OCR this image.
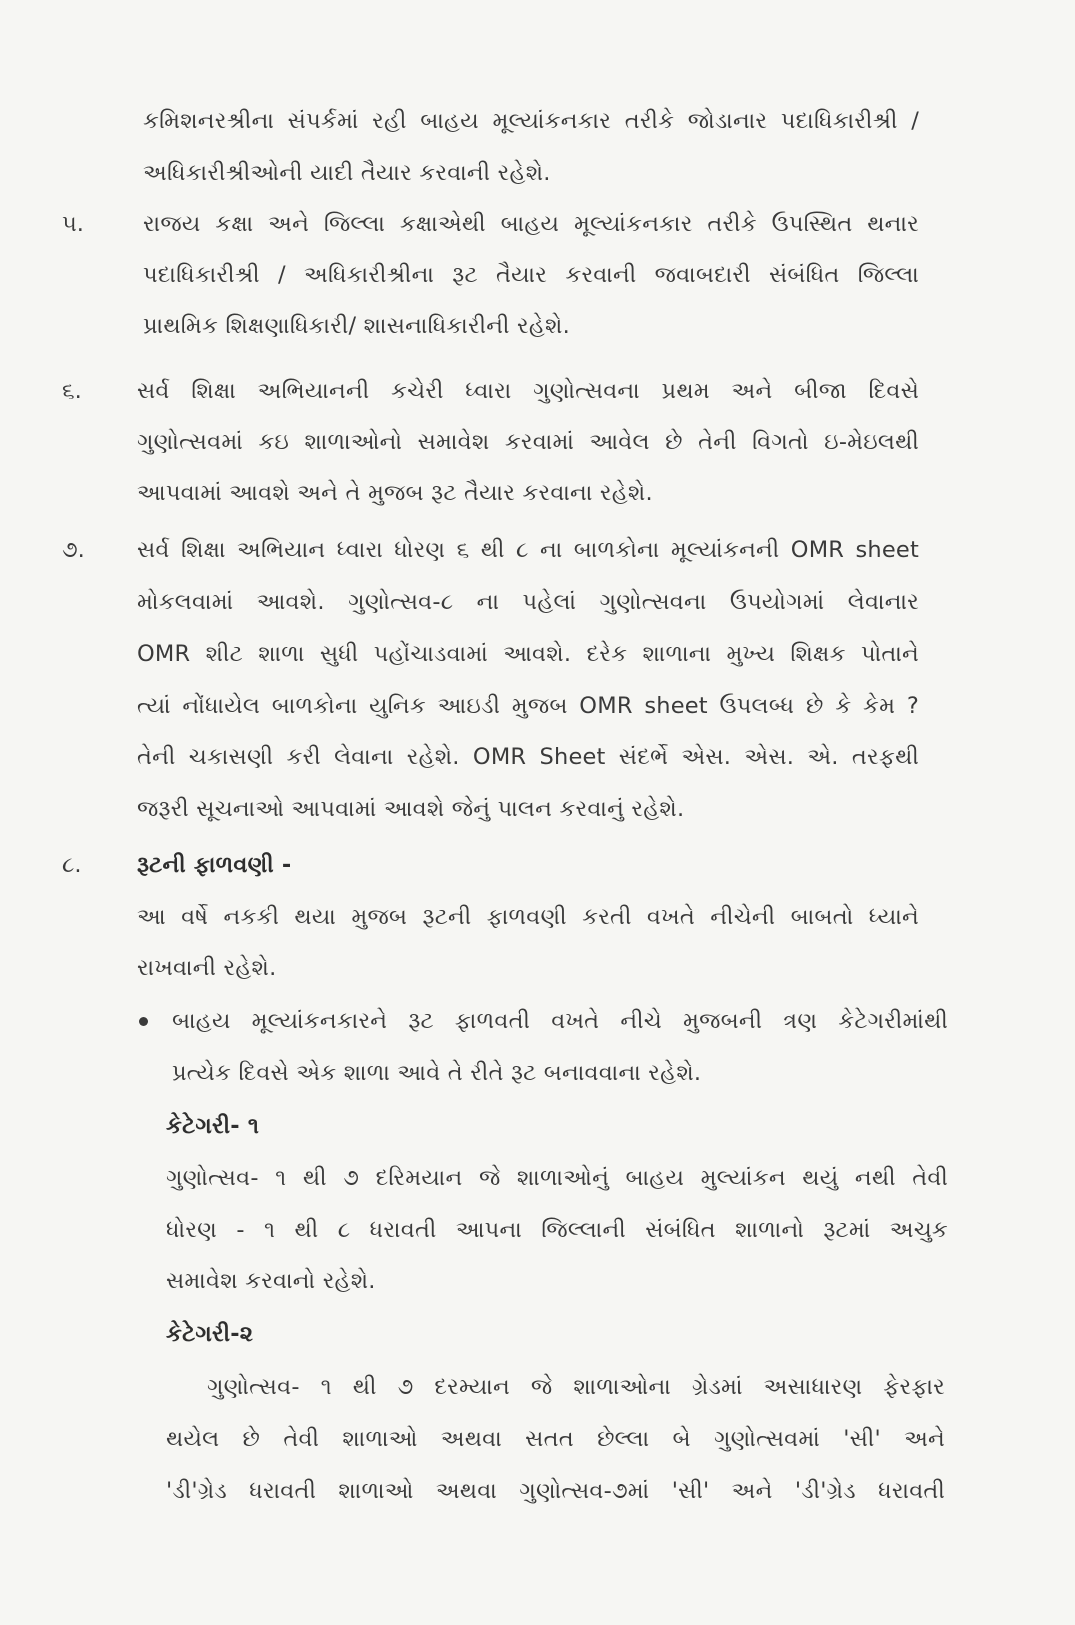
કમિશનરશ્રીના સંપર્કમાં રહી બાહય મૂલ્યાંકનકાર તરીકે જોડાનાર પદાધિકારીશ્રી /
અધિકારીશ્રીઓની યાદી તૈયાર કરવાની રહેશે.
૫.	રાજય કક્ષા અને જિલ્લા કક્ષાએથી બાહય મૂલ્યાંકનકાર તરીકે ઉપસ્થિત થનાર
પદાધિકારીશ્રી / અધિકારીશ્રીના રૂટ તૈયાર કરવાની જવાબદારી સંબંધિત જિલ્લા
પ્રાથમિક શિક્ષણાધિકારી/ શાસનાધિકારીની રહેશે.
૬. સર્વ શિક્ષા અભિયાનની કચેરી ધ્વારા ગુણોત્સવના પ્રથમ અને બીજા દિવસે
ગુણોત્સવમાં કઇ શાળાઓનો સમાવેશ કરવામાં આવેલ છે તેની વિગતો ઇ-મેઇલથી
આપવામાં આવશે અને તે મુજબ રૂટ તૈયાર કરવાના રહેશે.
૭. સર્વ શિક્ષા અભિયાન ધ્વારા ધોરણ ૬ થી ૮ ના બાળકોના મૂલ્યાંકનની OMR sheet
મોકલવામાં આવશે. ગુણોત્સવ-૮ ના પહેલાં ગુણોત્સવના ઉપયોગમાં લેવાનાર
OMR શીટ શાળા સુધી પહોંચાડવામાં આવશે. દરેક શાળાના મુખ્ય શિક્ષક પોતાને
ત્યાં નોંધાયેલ બાળકોના યુનિક આઇડી મુજબ OMR sheet ઉપલબ્ધ છે કે કેમ ?
તેની ચકાસણી કરી લેવાના રહેશે. OMR Sheet સંદર્ભે એસ. એસ. એ. તરફથી
જરૂરી સૂચનાઓ આપવામાં આવશે જેનું પાલન કરવાનું રહેશે.
૮. રૂટની ફાળવણી -
આ વર્ષે નકકી થયા મુજબ રૂટની ફાળવણી કરતી વખતે નીચેની બાબતો ધ્યાને
રાખવાની રહેશે.
બાહય મૂલ્યાંકનકારને રૂટ ફાળવતી વખતે નીચે મુજબની ત્રણ કેટેગરીમાંથી
પ્રત્યેક દિવસે એક શાળા આવે તે રીતે રૂટ બનાવવાના રહેશે.
કેટેગરી- ૧
ગુણોત્સવ- ૧ થી ૭ દરિમયાન જે શાળાઓનું બાહય મુલ્યાંકન થયું નથી તેવી
ધોરણ - ૧ થી ૮ ધરાવતી આપના જિલ્લાની સંબંધિત શાળાનો રૂટમાં અચુક
સમાવેશ કરવાનો રહેશે.
કેટેગરી-૨
ગુણોત્સવ- ૧ થી ૭ દરમ્યાન જે શાળાઓના ગ્રેડમાં અસાધારણ ફેરફાર
થયેલ છે તેવી શાળાઓ અથવા સતત છેલ્લા બે ગુણોત્સવમાં 'સી' અને
'ડી'ગ્રેડ ધરાવતી શાળાઓ અથવા ગુણોત્સવ-૭માં 'સી' અને 'ડી'ગ્રેડ ધરાવતી
